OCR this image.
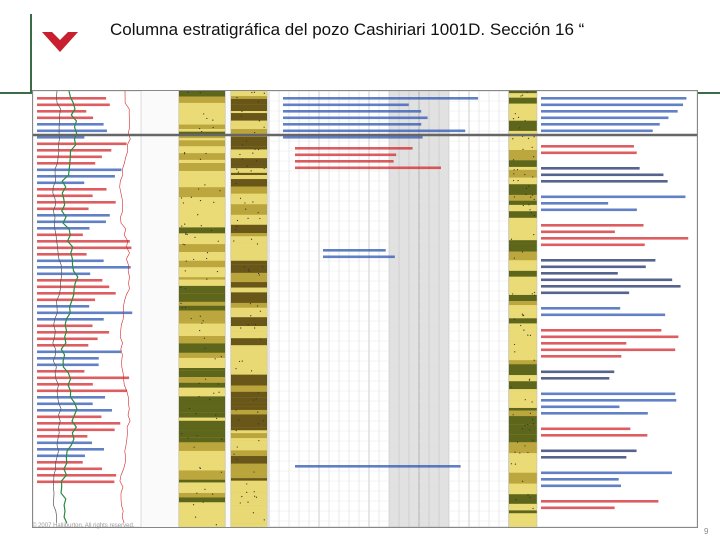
Columna estratigráfica del pozo Cashiriari 1001D. Sección 16 “
© 2007 Halliburton. All rights reserved.
9
